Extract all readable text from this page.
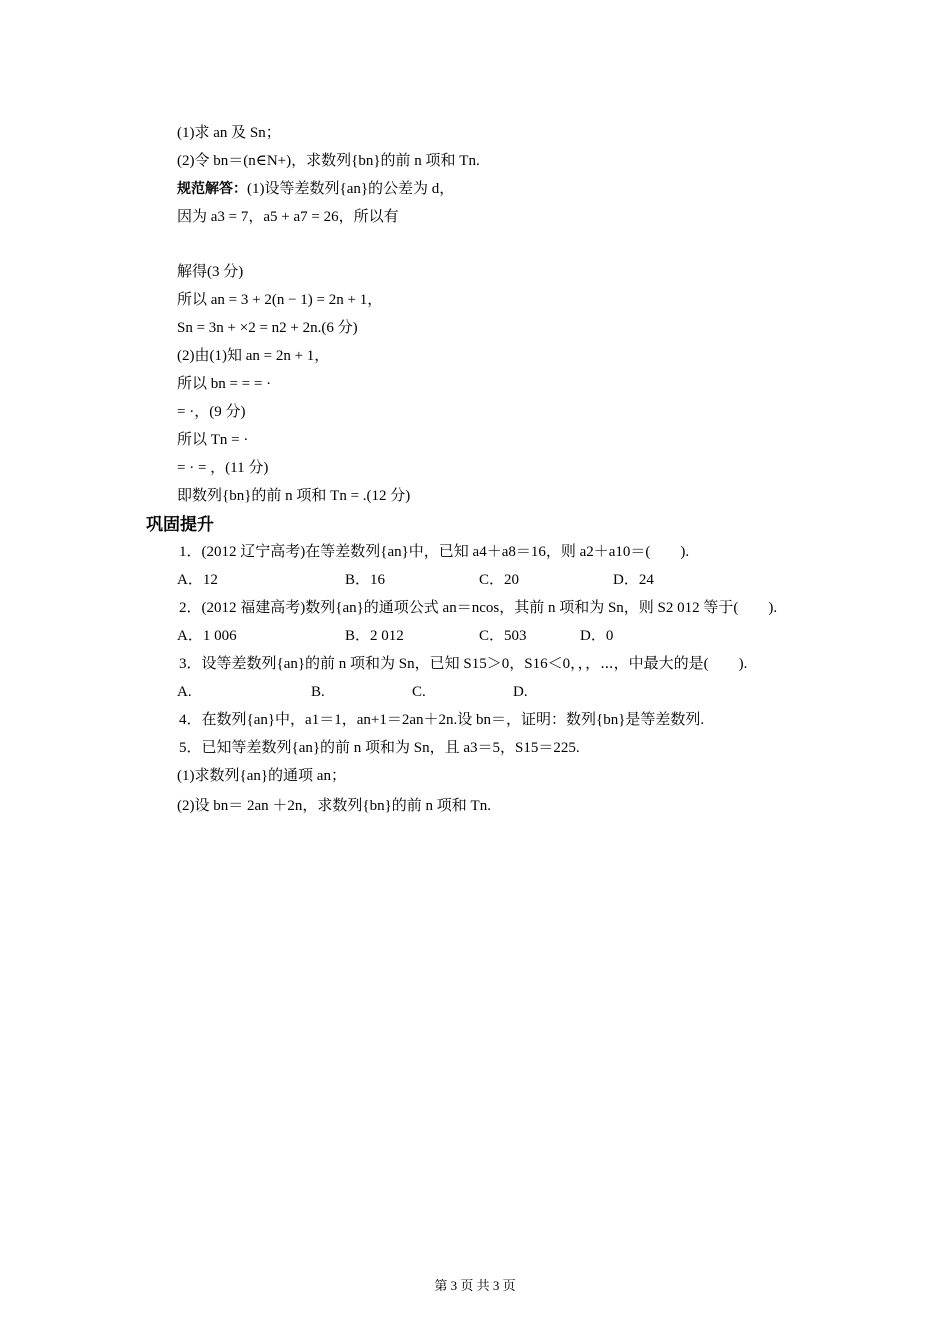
(1)求 an 及 Sn；
(2)令 bn＝(n∈N+)，求数列{bn}的前 n 项和 Tn.
规范解答：(1)设等差数列{an}的公差为 d，
因为 a3 = 7，a5 + a7 = 26，所以有
解得(3 分)
所以 an = 3 + 2(n − 1) = 2n + 1，
Sn = 3n + ×2 = n2 + 2n.(6 分)
(2)由(1)知 an = 2n + 1，
所以 bn = = = ·
= ·，(9 分)
所以 Tn = ·
= · = ，(11 分)
即数列{bn}的前 n 项和 Tn = .(12 分)
巩固提升
1．(2012 辽宁高考)在等差数列{an}中，已知 a4＋a8＝16，则 a2＋a10＝(　　).
A．12	B．16	C．20	D．24
2．(2012 福建高考)数列{an}的通项公式 an＝ncos，其前 n 项和为 Sn，则 S2 012 等于(　　).
A．1 006	B．2 012	C．503	D．0
3．设等差数列{an}的前 n 项和为 Sn，已知 S15＞0，S16＜0，，，⋯，中最大的是(　　).
A.	B.	C.	D.
4．在数列{an}中，a1＝1，an+1＝2an＋2n.设 bn＝，证明：数列{bn}是等差数列.
5．已知等差数列{an}的前 n 项和为 Sn，且 a3＝5，S15＝225.
(1)求数列{an}的通项 an；
(2)设 bn＝ 2an ＋2n，求数列{bn}的前 n 项和 Tn.
第 3 页 共 3 页
